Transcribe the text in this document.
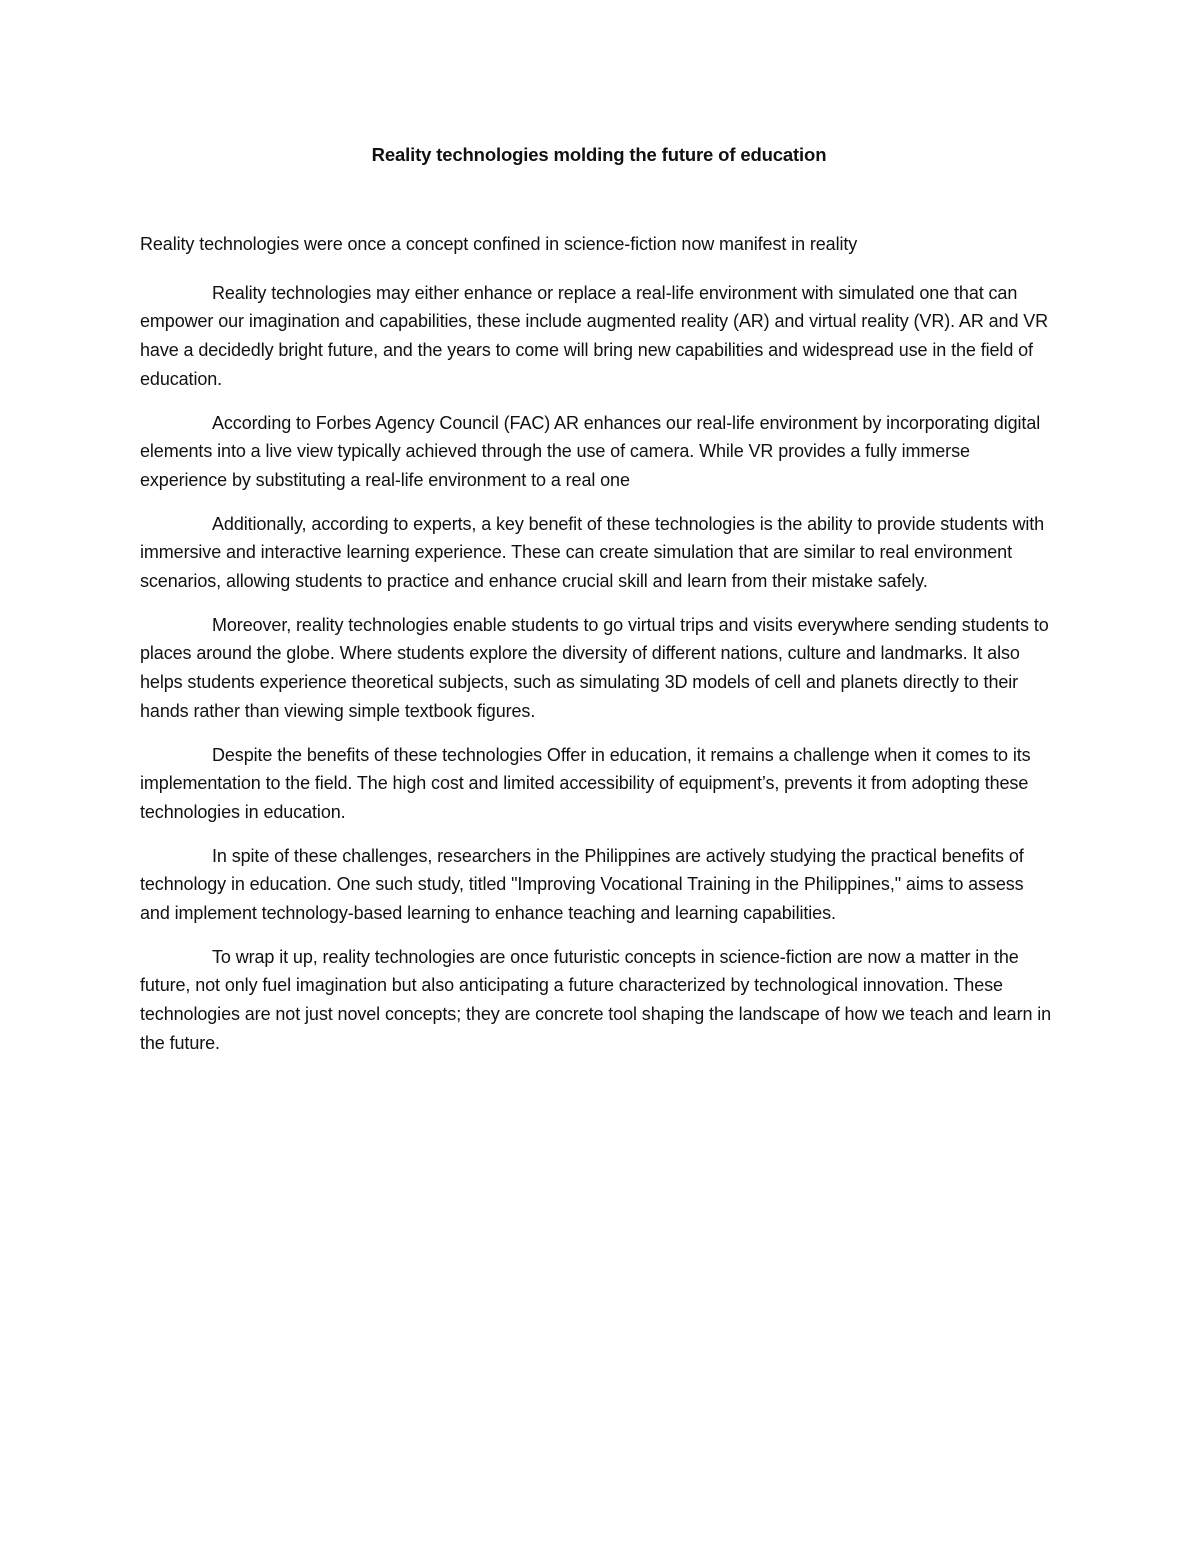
Reality technologies molding the future of education

Reality technologies were once a concept confined in science-fiction now manifest in reality

Reality technologies may either enhance or replace a real-life environment with simulated one that can empower our imagination and capabilities, these include augmented reality (AR) and virtual reality (VR). AR and VR have a decidedly bright future, and the years to come will bring new capabilities and widespread use in the field of education.

According to Forbes Agency Council (FAC) AR enhances our real-life environment by incorporating digital elements into a live view typically achieved through the use of camera. While VR provides a fully immerse experience by substituting a real-life environment to a real one

Additionally, according to experts, a key benefit of these technologies is the ability to provide students with immersive and interactive learning experience. These can create simulation that are similar to real environment scenarios, allowing students to practice and enhance crucial skill and learn from their mistake safely.

Moreover, reality technologies enable students to go virtual trips and visits everywhere sending students to places around the globe. Where students explore the diversity of different nations, culture and landmarks. It also helps students experience theoretical subjects, such as simulating 3D models of cell and planets directly to their hands rather than viewing simple textbook figures.

Despite the benefits of these technologies Offer in education, it remains a challenge when it comes to its implementation to the field. The high cost and limited accessibility of equipment’s, prevents it from adopting these technologies in education.

In spite of these challenges, researchers in the Philippines are actively studying the practical benefits of technology in education. One such study, titled "Improving Vocational Training in the Philippines," aims to assess and implement technology-based learning to enhance teaching and learning capabilities.

To wrap it up, reality technologies are once futuristic concepts in science-fiction are now a matter in the future, not only fuel imagination but also anticipating a future characterized by technological innovation. These technologies are not just novel concepts; they are concrete tool shaping the landscape of how we teach and learn in the future.
